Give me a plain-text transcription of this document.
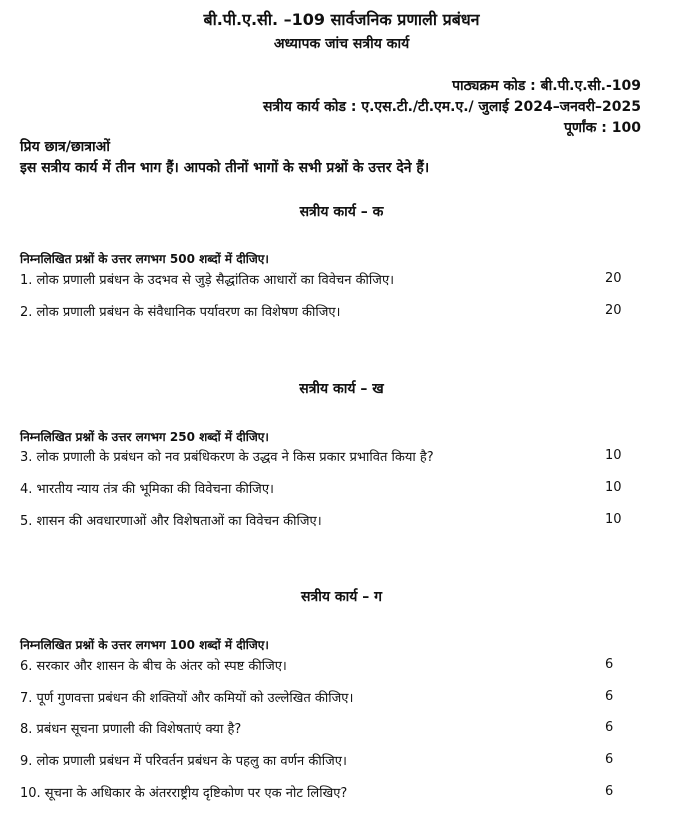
बी.पी.ए.सी. –109 सार्वजनिक प्रणाली प्रबंधन
अध्यापक जांच सत्रीय कार्य
पाठ्यक्रम कोड : बी.पी.ए.सी.-109
सत्रीय कार्य कोड : ए.एस.टी./टी.एम.ए./ जुलाई 2024–जनवरी–2025
पूर्णांक : 100
प्रिय छात्र/छात्राओं
इस सत्रीय कार्य में तीन भाग हैं। आपको तीनों भागों के सभी प्रश्नों के उत्तर देने हैं।
सत्रीय कार्य – क
निम्नलिखित प्रश्नों के उत्तर लगभग 500 शब्दों में दीजिए।
1. लोक प्रणाली प्रबंधन के उदभव से जुड़े सैद्धांतिक आधारों का विवेचन कीजिए।	20
2. लोक प्रणाली प्रबंधन के संवैधानिक पर्यावरण का विशेषण कीजिए।	20
सत्रीय कार्य – ख
निम्नलिखित प्रश्नों के उत्तर लगभग 250 शब्दों में दीजिए।
3. लोक प्रणाली के प्रबंधन को नव प्रबंधिकरण के उद्धव ने किस प्रकार प्रभावित किया है?	10
4. भारतीय न्याय तंत्र की भूमिका की विवेचना कीजिए।	10
5. शासन की अवधारणाओं और विशेषताओं का विवेचन कीजिए।	10
सत्रीय कार्य – ग
निम्नलिखित प्रश्नों के उत्तर लगभग 100 शब्दों में दीजिए।
6. सरकार और शासन के बीच के अंतर को स्पष्ट कीजिए।	6
7. पूर्ण गुणवत्ता प्रबंधन की शक्तियों और कमियों को उल्लेखित कीजिए।	6
8. प्रबंधन सूचना प्रणाली की विशेषताएं क्या है?	6
9. लोक प्रणाली प्रबंधन में परिवर्तन प्रबंधन के पहलु का वर्णन कीजिए।	6
10. सूचना के अधिकार के अंतरराष्ट्रीय दृष्टिकोण पर एक नोट लिखिए?	6
